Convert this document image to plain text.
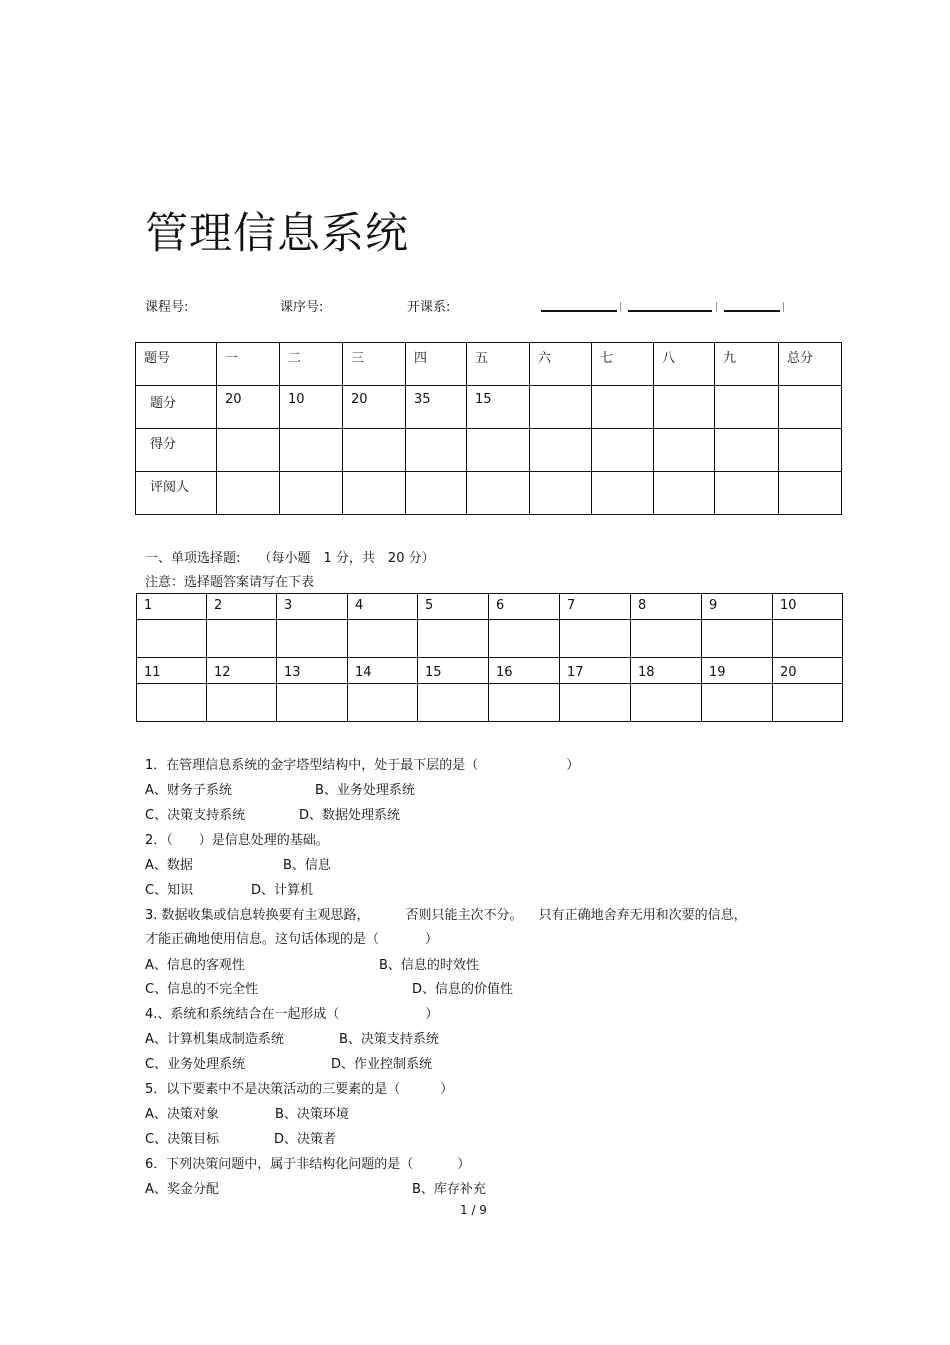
管理信息系统
课程号:	课序号:	开课系:
题号	一	二	三	四	五	六	七	八	九	总分
题分	20	10	20	35	15					
得分										
评阅人										
一、单项选择题: （每小题　1 分，共　20 分）
注意：选择题答案请写在下表
1	2	3	4	5	6	7	8	9	10

11	12	13	14	15	16	17	18	19	20

1．在管理信息系统的金字塔型结构中，处于最下层的是（	）
A、财务子系统	B、业务处理系统
C、决策支持系统	D、数据处理系统
2．（　　）是信息处理的基础。
A、数据	B、信息
C、知识	D、计算机
3. 数据收集或信息转换要有主观思路，	否则只能主次不分。 只有正确地舍弃无用和次要的信息，
才能正确地使用信息。这句话体现的是（	）
A、信息的客观性	B、信息的时效性
C、信息的不完全性	D、信息的价值性
4.、系统和系统结合在一起形成（	）
A、计算机集成制造系统	B、决策支持系统
C、业务处理系统	D、作业控制系统
5．以下要素中不是决策活动的三要素的是（	）
A、决策对象	B、决策环境
C、决策目标	D、决策者
6．下列决策问题中，属于非结构化问题的是（	）
A、奖金分配	B、库存补充
1 / 9
